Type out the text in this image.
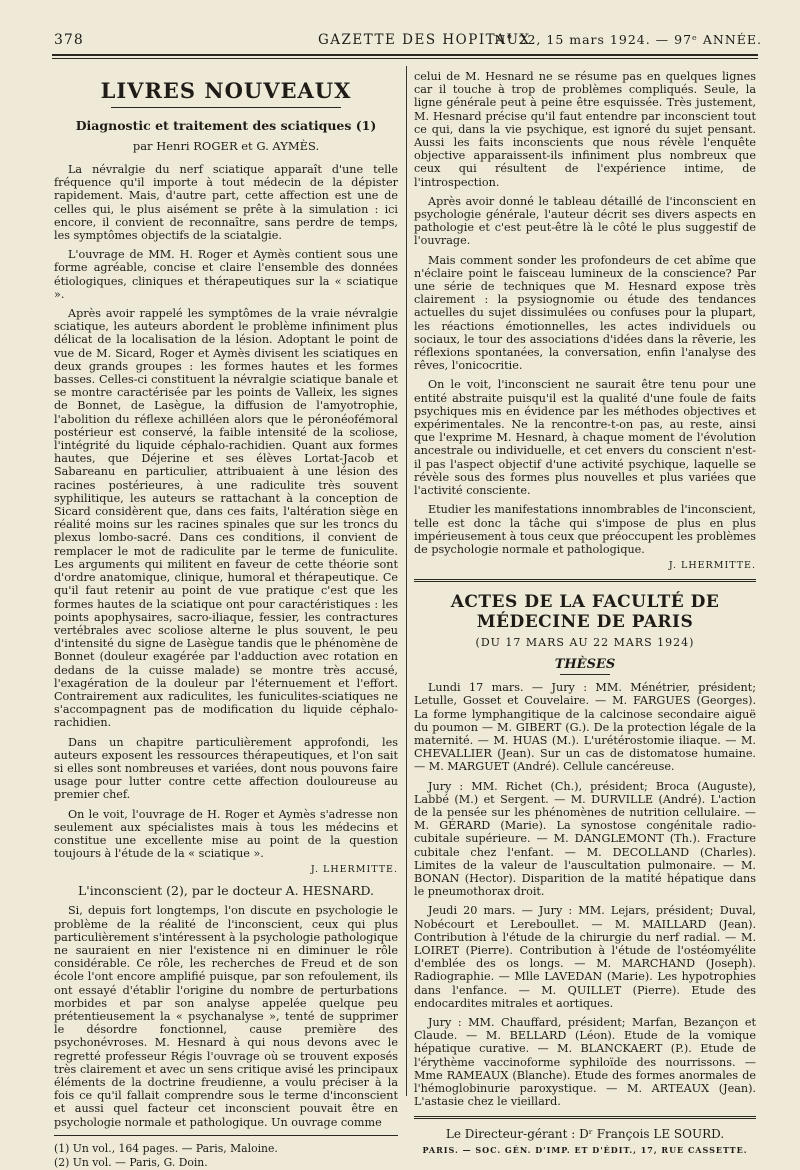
378	GAZETTE DES HOPITAUX
N° 22, 15 mars 1924. — 97ᵉ ANNÉE.
LIVRES NOUVEAUX
Diagnostic et traitement des sciatiques (1)
par Henri ROGER et G. AYMÈS.

La névralgie du nerf sciatique apparaît d'une telle fréquence qu'il importe à tout médecin de la dépister rapidement. Mais, d'autre part, cette affection est une de celles qui, le plus aisément se prête à la simulation : ici encore, il convient de reconnaître, sans perdre de temps, les symptômes objectifs de la sciatalgie.

L'ouvrage de MM. H. Roger et Aymès contient sous une forme agréable, concise et claire l'ensemble des données étiologiques, cliniques et thérapeutiques sur la « sciatique ».

Après avoir rappelé les symptômes de la vraie névralgie sciatique, les auteurs abordent le problème infiniment plus délicat de la localisation de la lésion. Adoptant le point de vue de M. Sicard, Roger et Aymès divisent les sciatiques en deux grands groupes : les formes hautes et les formes basses. Celles-ci constituent la névralgie sciatique banale et se montre caractérisée par les points de Valleix, les signes de Bonnet, de Lasègue, la diffusion de l'amyotrophie, l'abolition du réflexe achilléen alors que le péronéofémoral postérieur est conservé, la faible intensité de la scoliose, l'intégrité du liquide céphalo-rachidien. Quant aux formes hautes, que Déjerine et ses élèves Lortat-Jacob et Sabareanu en particulier, attribuaient à une lésion des racines postérieures, à une radiculite très souvent syphilitique, les auteurs se rattachant à la conception de Sicard considèrent que, dans ces faits, l'altération siège en réalité moins sur les racines spinales que sur les troncs du plexus lombo-sacré. Dans ces conditions, il convient de remplacer le mot de radiculite par le terme de funiculite. Les arguments qui militent en faveur de cette théorie sont d'ordre anatomique, clinique, humoral et thérapeutique. Ce qu'il faut retenir au point de vue pratique c'est que les formes hautes de la sciatique ont pour caractéristiques : les points apophysaires, sacro-iliaque, fessier, les contractures vertébrales avec scoliose alterne le plus souvent, le peu d'intensité du signe de Lasègue tandis que le phénomène de Bonnet (douleur exagérée par l'adduction avec rotation en dedans de la cuisse malade) se montre très accusé, l'exagération de la douleur par l'éternuement et l'effort. Contrairement aux radiculites, les funiculites-sciatiques ne s'accompagnent pas de modification du liquide céphalo-rachidien.

Dans un chapitre particulièrement approfondi, les auteurs exposent les ressources thérapeutiques, et l'on sait si elles sont nombreuses et variées, dont nous pouvons faire usage pour lutter contre cette affection douloureuse au premier chef.

On le voit, l'ouvrage de H. Roger et Aymès s'adresse non seulement aux spécialistes mais à tous les médecins et constitue une excellente mise au point de la question toujours à l'étude de la « sciatique ».

J. LHERMITTE.
L'inconscient (2), par le docteur A. HESNARD.

Si, depuis fort longtemps, l'on discute en psychologie le problème de la réalité de l'inconscient, ceux qui plus particulièrement s'intéressent à la psychologie pathologique ne sauraient en nier l'existence ni en diminuer le rôle considérable. Ce rôle, les recherches de Freud et de son école l'ont encore amplifié puisque, par son refoulement, ils ont essayé d'établir l'origine du nombre de perturbations morbides et par son analyse appelée quelque peu prétentieusement la « psychanalyse », tenté de supprimer le désordre fonctionnel, cause première des psychonévroses. M. Hesnard à qui nous devons avec le regretté professeur Régis l'ouvrage où se trouvent exposés très clairement et avec un sens critique avisé les principaux éléments de la doctrine freudienne, a voulu préciser à la fois ce qu'il fallait comprendre sous le terme d'inconscient et aussi quel facteur cet inconscient pouvait être en psychologie normale et pathologique. Un ouvrage comme

(1) Un vol., 164 pages. — Paris, Maloine.
(2) Un vol. — Paris, G. Doin.

celui de M. Hesnard ne se résume pas en quelques lignes car il touche à trop de problèmes compliqués. Seule, la ligne générale peut à peine être esquissée. Très justement, M. Hesnard précise qu'il faut entendre par inconscient tout ce qui, dans la vie psychique, est ignoré du sujet pensant. Aussi les faits inconscients que nous révèle l'enquête objective apparaissent-ils infiniment plus nombreux que ceux qui résultent de l'expérience intime, de l'introspection.

Après avoir donné le tableau détaillé de l'inconscient en psychologie générale, l'auteur décrit ses divers aspects en pathologie et c'est peut-être là le côté le plus suggestif de l'ouvrage.

Mais comment sonder les profondeurs de cet abîme que n'éclaire point le faisceau lumineux de la conscience? Par une série de techniques que M. Hesnard expose très clairement : la psysiognomie ou étude des tendances actuelles du sujet dissimulées ou confuses pour la plupart, les réactions émotionnelles, les actes individuels ou sociaux, le tour des associations d'idées dans la rêverie, les réflexions spontanées, la conversation, enfin l'analyse des rêves, l'onicocritie.

On le voit, l'inconscient ne saurait être tenu pour une entité abstraite puisqu'il est la qualité d'une foule de faits psychiques mis en évidence par les méthodes objectives et expérimentales. Ne la rencontre-t-on pas, au reste, ainsi que l'exprime M. Hesnard, à chaque moment de l'évolution ancestrale ou individuelle, et cet envers du conscient n'est-il pas l'aspect objectif d'une activité psychique, laquelle se révèle sous des formes plus nouvelles et plus variées que l'activité consciente.

Etudier les manifestations innombrables de l'inconscient, telle est donc la tâche qui s'impose de plus en plus impérieusement à tous ceux que préoccupent les problèmes de psychologie normale et pathologique.

J. LHERMITTE.
ACTES DE LA FACULTÉ DE MÉDECINE DE PARIS
(DU 17 MARS AU 22 MARS 1924)
THÈSES

Lundi 17 mars. — Jury : MM. Ménétrier, président; Letulle, Gosset et Couvelaire. — M. FARGUES (Georges). La forme lymphangitique de la calcinose secondaire aiguë du poumon — M. GIBERT (G.). De la protection légale de la maternité. — M. HUAS (M.). L'urétérostomie iliaque. — M. CHEVALLIER (Jean). Sur un cas de distomatose humaine. — M. MARGUET (André). Cellule cancéreuse.

Jury : MM. Richet (Ch.), président; Broca (Auguste), Labbé (M.) et Sergent. — M. DURVILLE (André). L'action de la pensée sur les phénomènes de nutrition cellulaire. — M. GÉRARD (Marie). La synostose congénitale radio-cubitale supérieure. — M. DANGLEMONT (Th.). Fracture cubitale chez l'enfant. — M. DECOLLAND (Charles). Limites de la valeur de l'auscultation pulmonaire. — M. BONAN (Hector). Disparition de la matité hépatique dans le pneumothorax droit.

Jeudi 20 mars. — Jury : MM. Lejars, président; Duval, Nobécourt et Lereboullet. — M. MAILLARD (Jean). Contribution à l'étude de la chirurgie du nerf radial. — M. LOIRET (Pierre). Contribution à l'étude de l'ostéomyélite d'emblée des os longs. — M. MARCHAND (Joseph). Radiographie. — Mlle LAVEDAN (Marie). Les hypotrophies dans l'enfance. — M. QUILLET (Pierre). Etude des endocardites mitrales et aortiques.

Jury : MM. Chauffard, président; Marfan, Bezançon et Claude. — M. BELLARD (Léon). Etude de la vomique hépatique curative. — M. BLANCKAERT (P.). Etude de l'érythème vaccinoforme syphiloïde des nourrissons. — Mme RAMEAUX (Blanche). Etude des formes anormales de l'hémoglobinurie paroxystique. — M. ARTEAUX (Jean). L'astasie chez le vieillard.

Le Directeur-gérant : Dʳ François LE SOURD.
PARIS. — SOC. GÉN. D'IMP. ET D'ÉDIT., 17, RUE CASSETTE.
